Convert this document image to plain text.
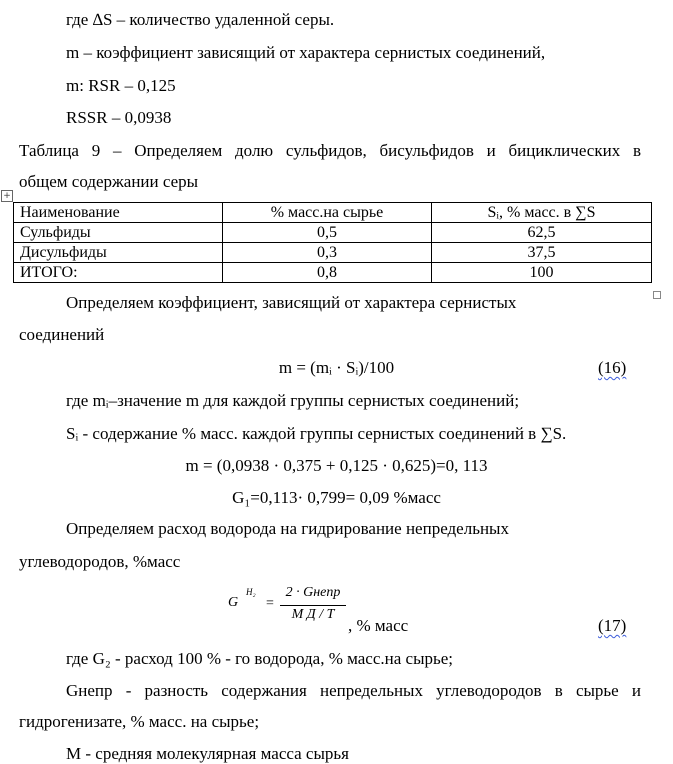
где ∆S – количество удаленной серы.
m – коэффициент зависящий от характера сернистых соединений,
m: RSR – 0,125
RSSR – 0,0938
Таблица 9 – Определяем долю сульфидов, бисульфидов и бициклических в
общем содержании серы
+
Наименование	% масс.на сырье	Sᵢ, % масс. в ∑S
Сульфиды	0,5	62,5
Дисульфиды	0,3	37,5
ИТОГО:	0,8	100
Определяем коэффициент, зависящий от характера сернистых
соединений
m = (mᵢ · Sᵢ)/100	(16)
где mᵢ–значение m для каждой группы сернистых соединений;
Sᵢ - содержание % масс. каждой группы сернистых соединений в ∑S.
m = (0,0938 · 0,375 + 0,125 · 0,625)=0, 113
G₁=0,113· 0,799= 0,09 %масс
Определяем расход водорода на гидрирование непредельных
углеводородов, %масс
G
H₂
=
2 · Gнепр
M Д / Т
, % масс	(17)
где G₂ - расход 100 % - го водорода, % масс.на сырье;
Gнепр - разность содержания непредельных углеводородов в сырье и
гидрогенизате, % масс. на сырье;
M - средняя молекулярная масса сырья
